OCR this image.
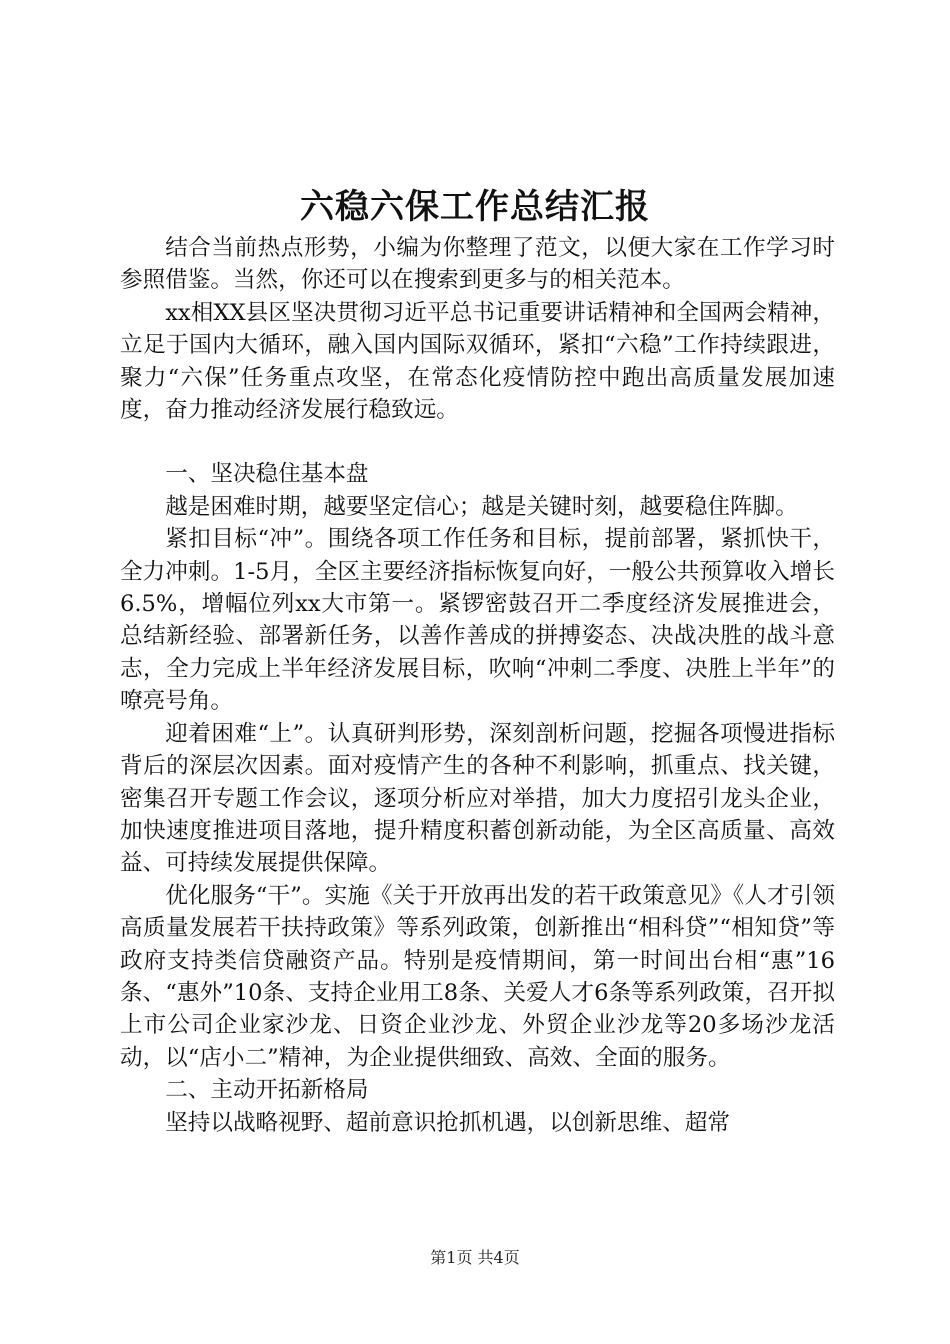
六稳六保工作总结汇报

结合当前热点形势，小编为你整理了范文，以便大家在工作学习时参照借鉴。当然，你还可以在搜索到更多与的相关范本。

xx相XX县区坚决贯彻习近平总书记重要讲话精神和全国两会精神，立足于国内大循环，融入国内国际双循环，紧扣“六稳”工作持续跟进，聚力“六保”任务重点攻坚，在常态化疫情防控中跑出高质量发展加速度，奋力推动经济发展行稳致远。

一、坚决稳住基本盘

越是困难时期，越要坚定信心；越是关键时刻，越要稳住阵脚。

紧扣目标“冲”。围绕各项工作任务和目标，提前部署，紧抓快干，全力冲刺。1-5月，全区主要经济指标恢复向好，一般公共预算收入增长6.5%，增幅位列xx大市第一。紧锣密鼓召开二季度经济发展推进会，总结新经验、部署新任务，以善作善成的拼搏姿态、决战决胜的战斗意志，全力完成上半年经济发展目标，吹响“冲刺二季度、决胜上半年”的嘹亮号角。

迎着困难“上”。认真研判形势，深刻剖析问题，挖掘各项慢进指标背后的深层次因素。面对疫情产生的各种不利影响，抓重点、找关键，密集召开专题工作会议，逐项分析应对举措，加大力度招引龙头企业，加快速度推进项目落地，提升精度积蓄创新动能，为全区高质量、高效益、可持续发展提供保障。

优化服务“干”。实施《关于开放再出发的若干政策意见》《人才引领高质量发展若干扶持政策》等系列政策，创新推出“相科贷”“相知贷”等政府支持类信贷融资产品。特别是疫情期间，第一时间出台相“惠”16条、“惠外”10条、支持企业用工8条、关爱人才6条等系列政策，召开拟上市公司企业家沙龙、日资企业沙龙、外贸企业沙龙等20多场沙龙活动，以“店小二”精神，为企业提供细致、高效、全面的服务。

二、主动开拓新格局

坚持以战略视野、超前意识抢抓机遇，以创新思维、超常

第1页 共4页
